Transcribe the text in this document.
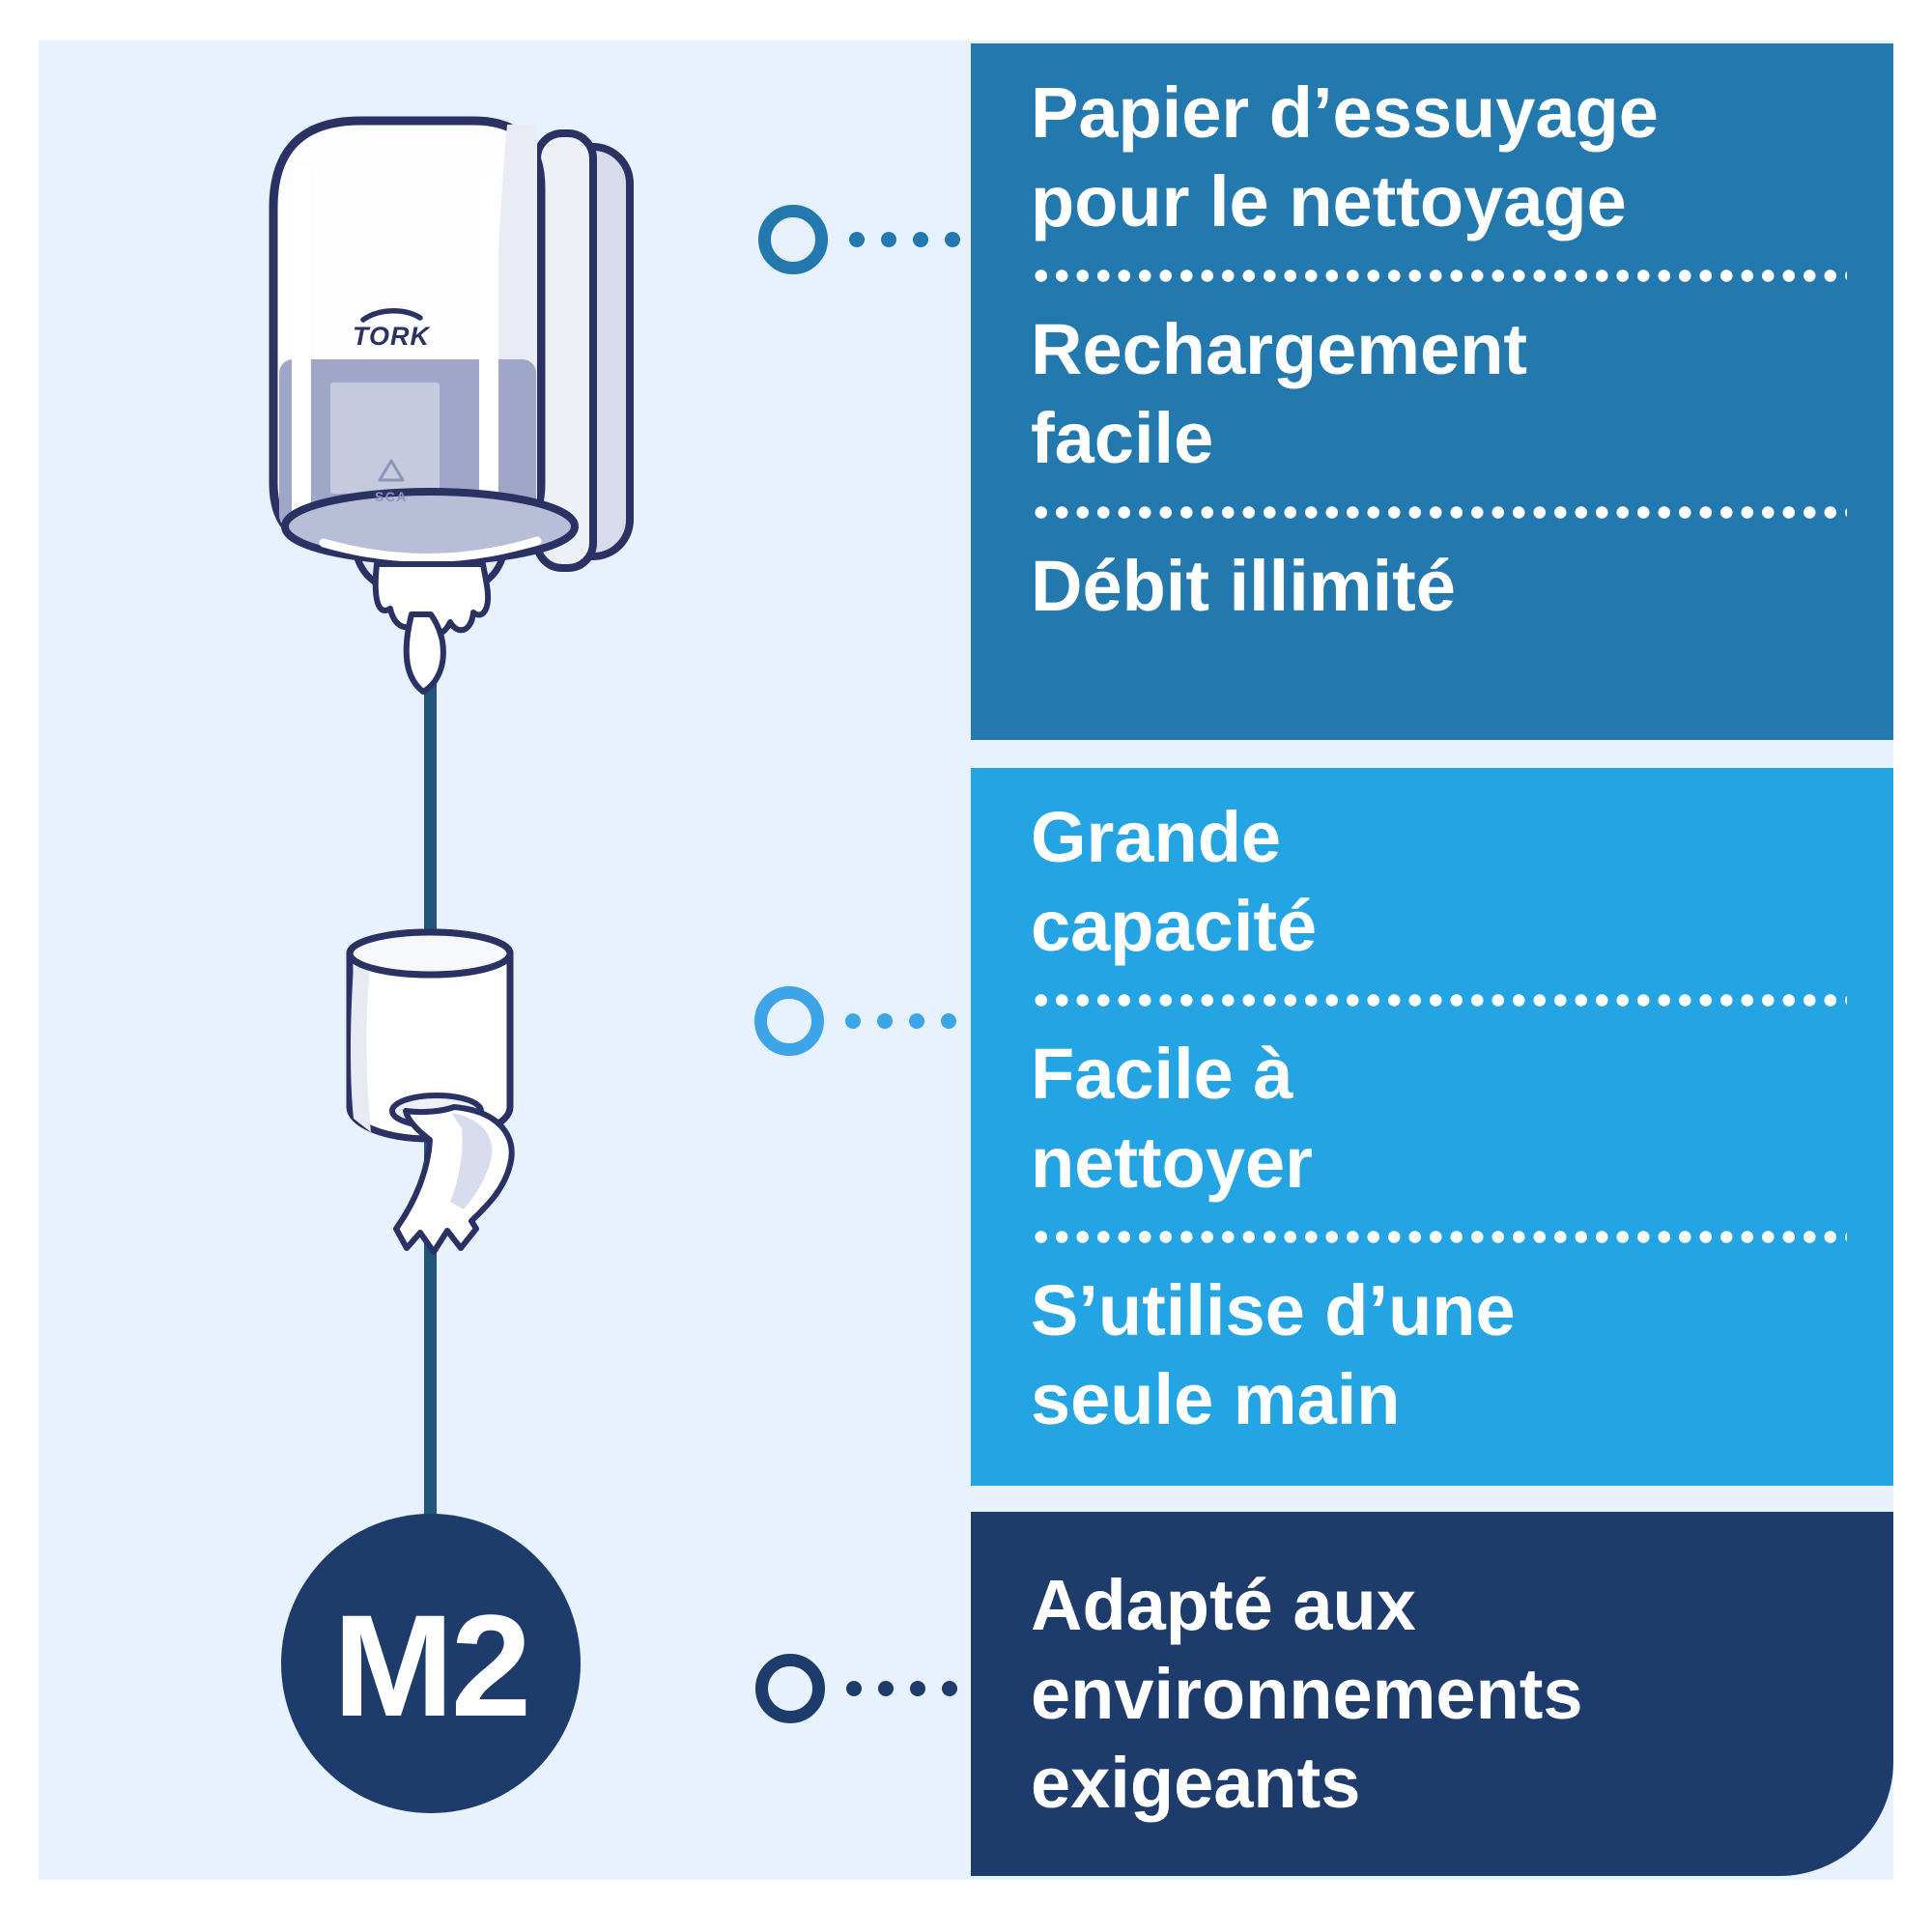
TORK
SCA
M2
Papier d’essuyage
pour le nettoyage
Rechargement
facile
Débit illimité
Grande
capacité
Facile à
nettoyer
S’utilise d’une
seule main
Adapté aux
environnements
exigeants
